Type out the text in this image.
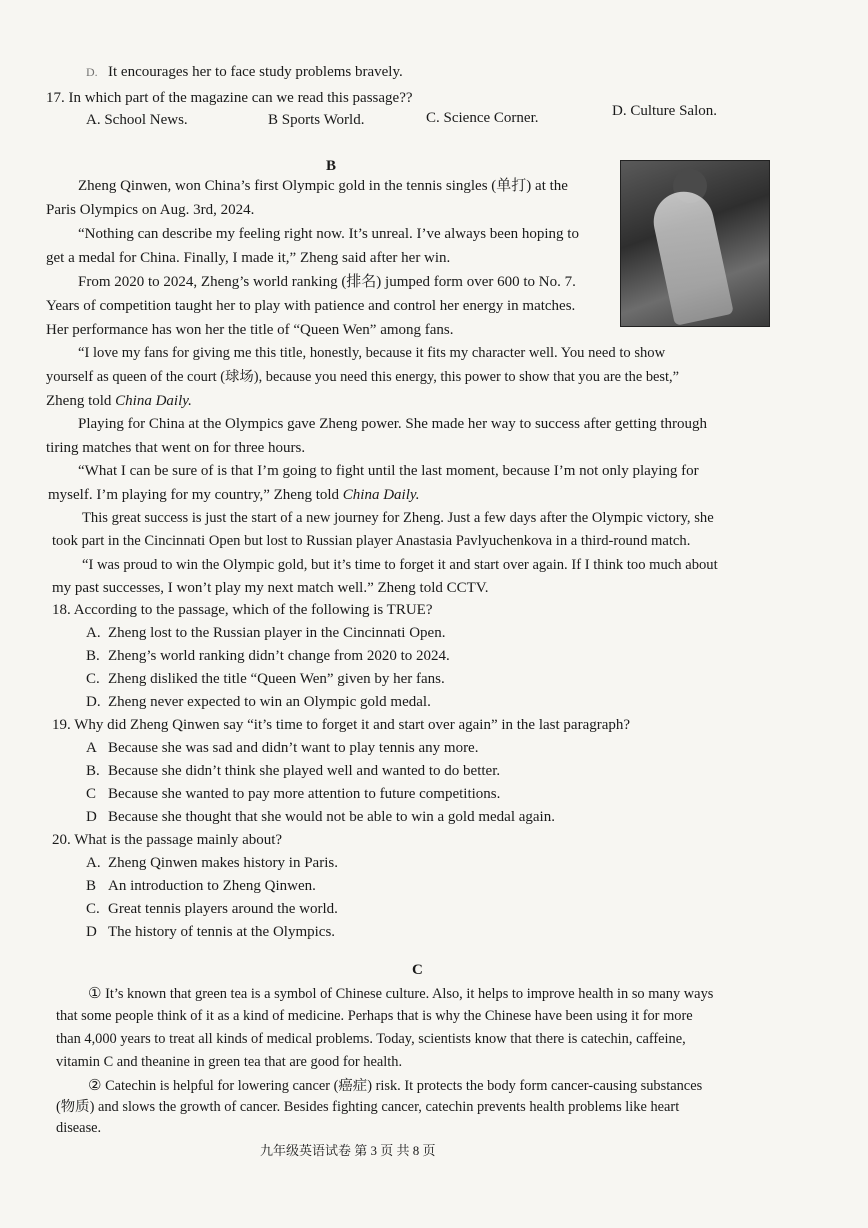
D. It encourages her to face study problems bravely.
17. In which part of the magazine can we read this passage??
A. School News.	B Sports World.	C. Science Corner.	D. Culture Salon.
B
Zheng Qinwen, won China’s first Olympic gold in the tennis singles (单打) at the
Paris Olympics on Aug. 3rd, 2024.
“Nothing can describe my feeling right now. It’s unreal. I’ve always been hoping to
get a medal for China. Finally, I made it,” Zheng said after her win.
From 2020 to 2024, Zheng’s world ranking (排名) jumped form over 600 to No. 7.
Years of competition taught her to play with patience and control her energy in matches.
Her performance has won her the title of “Queen Wen” among fans.
“I love my fans for giving me this title, honestly, because it fits my character well. You need to show
yourself as queen of the court (球场), because you need this energy, this power to show that you are the best,”
Zheng told China Daily.
Playing for China at the Olympics gave Zheng power. She made her way to success after getting through
tiring matches that went on for three hours.
“What I can be sure of is that I’m going to fight until the last moment, because I’m not only playing for
myself. I’m playing for my country,” Zheng told China Daily.
This great success is just the start of a new journey for Zheng. Just a few days after the Olympic victory, she
took part in the Cincinnati Open but lost to Russian player Anastasia Pavlyuchenkova in a third-round match.
“I was proud to win the Olympic gold, but it’s time to forget it and start over again. If I think too much about
my past successes, I won’t play my next match well.” Zheng told CCTV.
18. According to the passage, which of the following is TRUE?
A. Zheng lost to the Russian player in the Cincinnati Open.
B. Zheng’s world ranking didn’t change from 2020 to 2024.
C. Zheng disliked the title “Queen Wen” given by her fans.
D. Zheng never expected to win an Olympic gold medal.
19. Why did Zheng Qinwen say “it’s time to forget it and start over again” in the last paragraph?
A Because she was sad and didn’t want to play tennis any more.
B. Because she didn’t think she played well and wanted to do better.
C Because she wanted to pay more attention to future competitions.
D Because she thought that she would not be able to win a gold medal again.
20. What is the passage mainly about?
A. Zheng Qinwen makes history in Paris.
B An introduction to Zheng Qinwen.
C. Great tennis players around the world.
D The history of tennis at the Olympics.
C
① It’s known that green tea is a symbol of Chinese culture. Also, it helps to improve health in so many ways
that some people think of it as a kind of medicine. Perhaps that is why the Chinese have been using it for more
than 4,000 years to treat all kinds of medical problems. Today, scientists know that there is catechin, caffeine,
vitamin C and theanine in green tea that are good for health.
② Catechin is helpful for lowering cancer (癌症) risk. It protects the body form cancer-causing substances
(物质) and slows the growth of cancer. Besides fighting cancer, catechin prevents health problems like heart
disease.
九年级英语试卷 第 3 页 共 8 页
